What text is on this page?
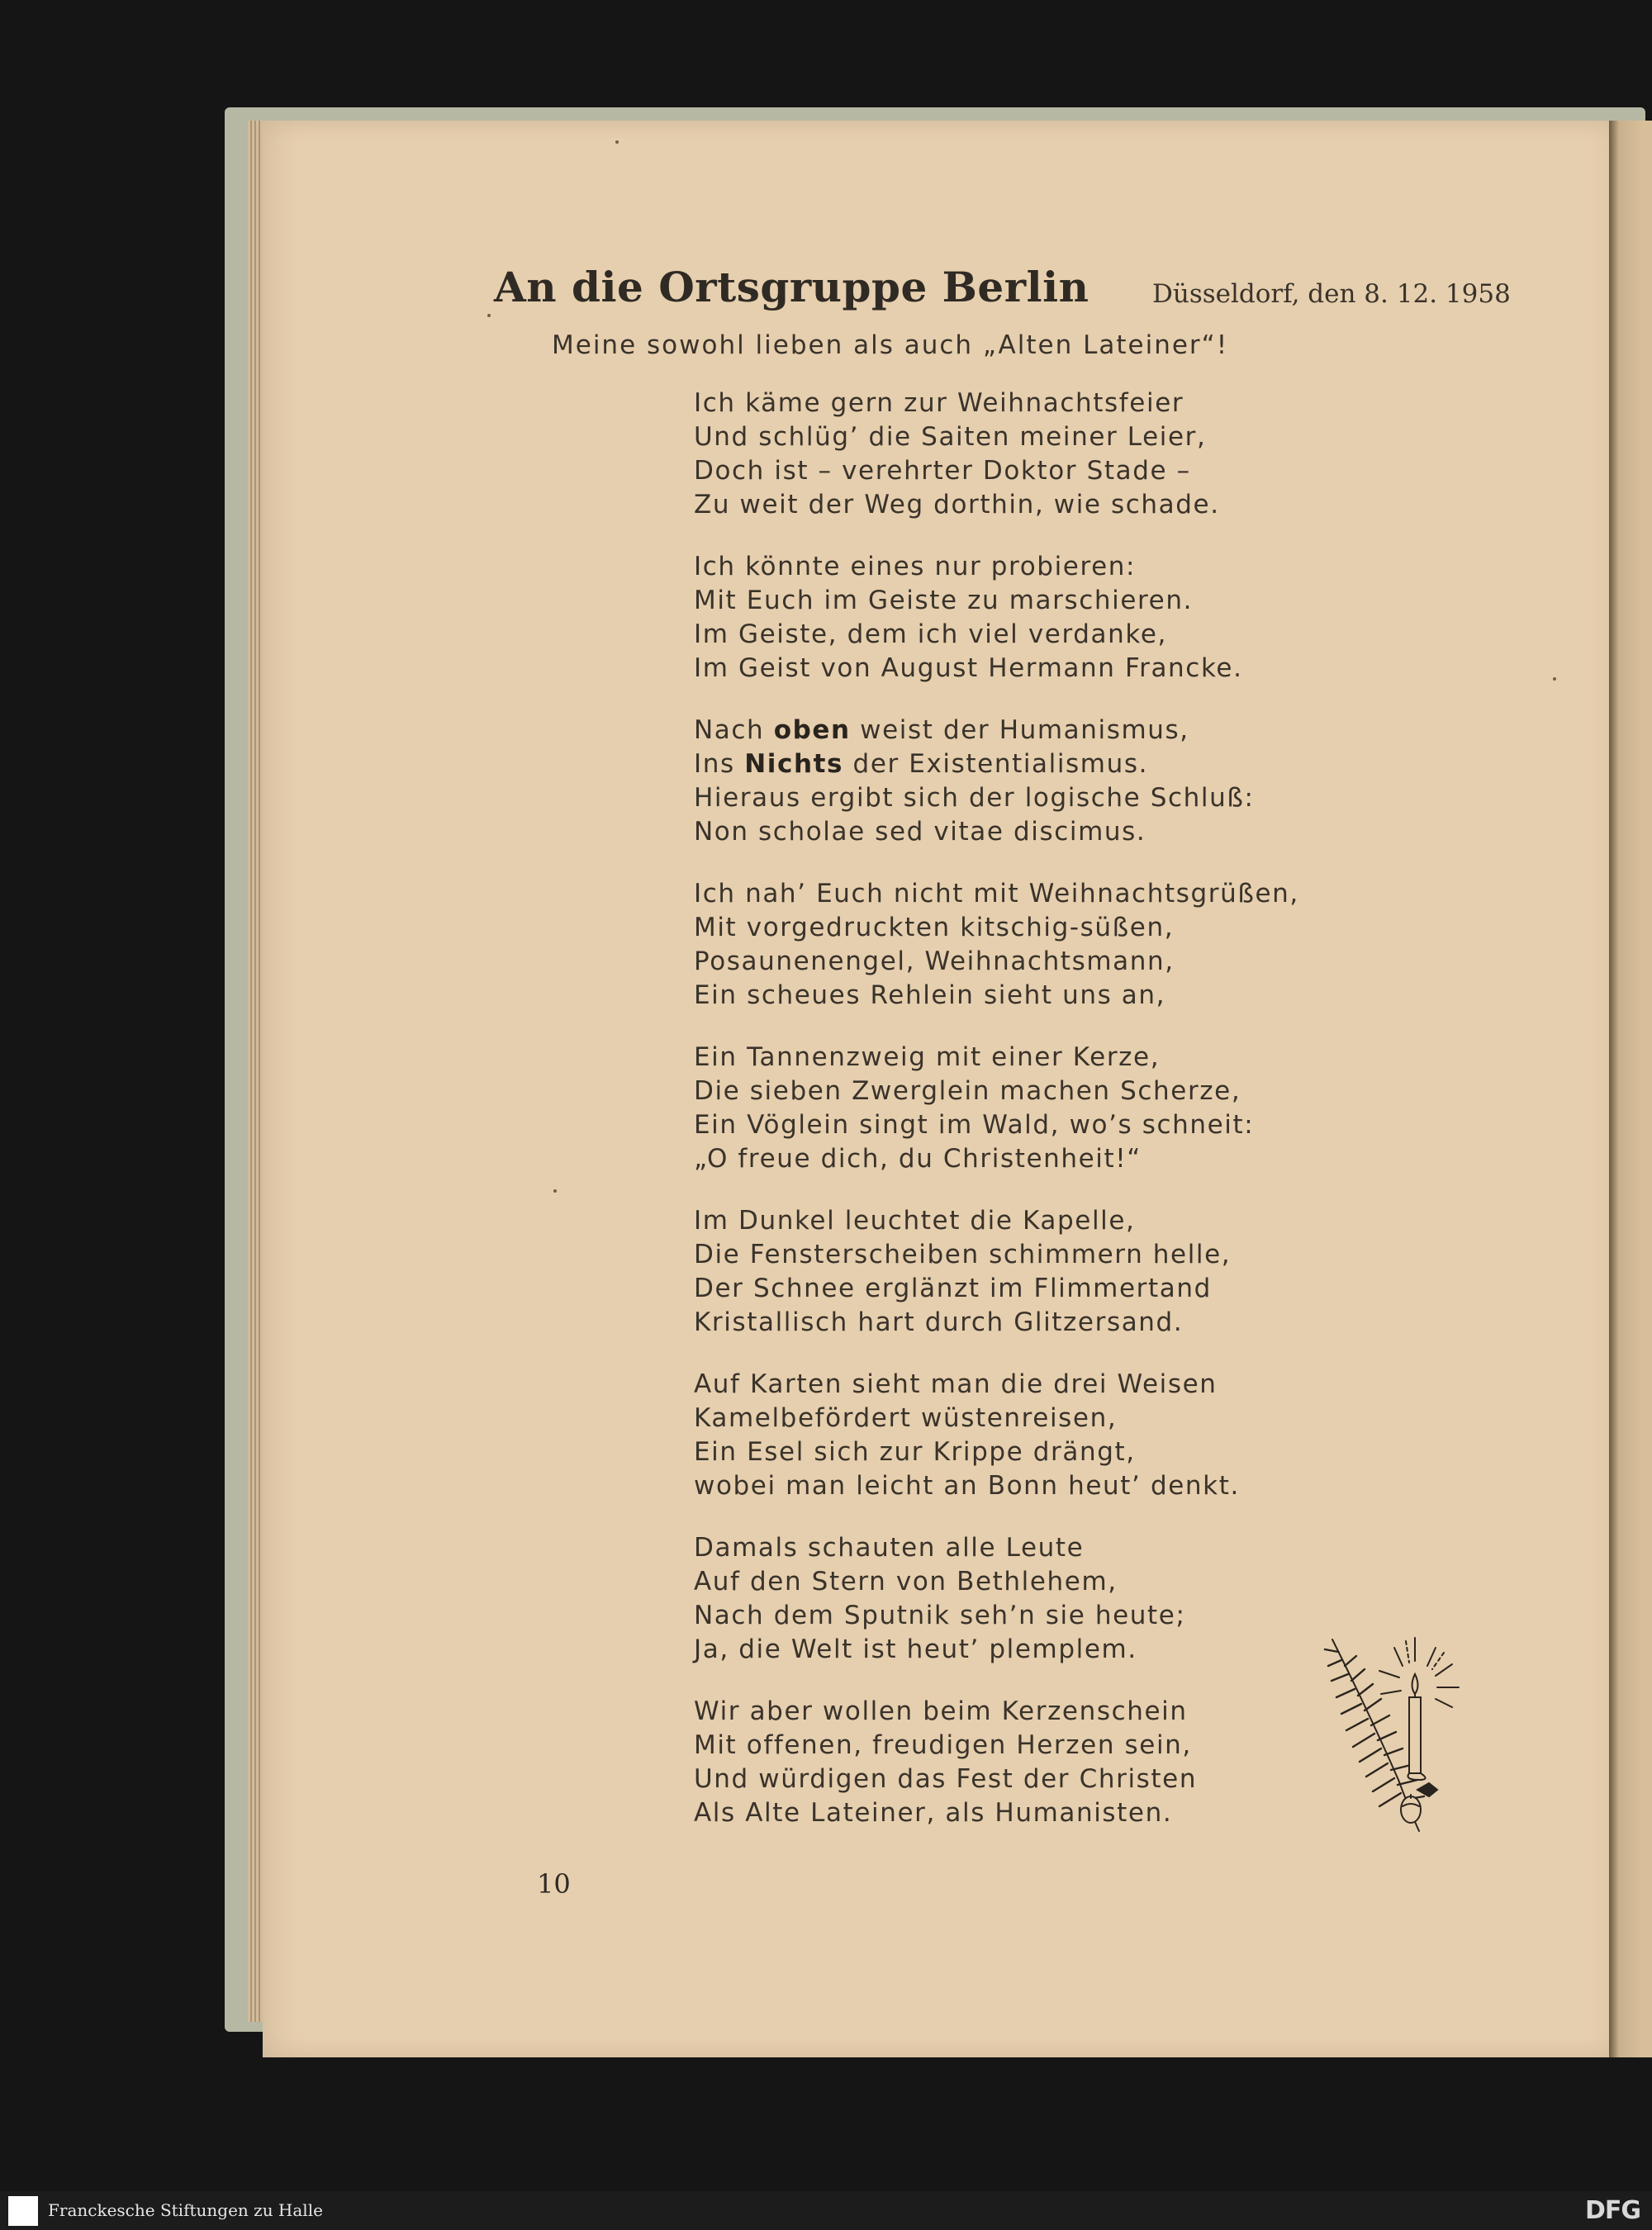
An die Ortsgruppe Berlin Düsseldorf, den 8. 12. 1958
Meine sowohl lieben als auch „Alten Lateiner“!
Ich käme gern zur Weihnachtsfeier
Und schlüg’ die Saiten meiner Leier,
Doch ist – verehrter Doktor Stade –
Zu weit der Weg dorthin, wie schade.
Ich könnte eines nur probieren:
Mit Euch im Geiste zu marschieren.
Im Geiste, dem ich viel verdanke,
Im Geist von August Hermann Francke.
Nach oben weist der Humanismus,
Ins Nichts der Existentialismus.
Hieraus ergibt sich der logische Schluß:
Non scholae sed vitae discimus.
Ich nah’ Euch nicht mit Weihnachtsgrüßen,
Mit vorgedruckten kitschig-süßen,
Posaunenengel, Weihnachtsmann,
Ein scheues Rehlein sieht uns an,
Ein Tannenzweig mit einer Kerze,
Die sieben Zwerglein machen Scherze,
Ein Vöglein singt im Wald, wo’s schneit:
„O freue dich, du Christenheit!“
Im Dunkel leuchtet die Kapelle,
Die Fensterscheiben schimmern helle,
Der Schnee erglänzt im Flimmertand
Kristallisch hart durch Glitzersand.
Auf Karten sieht man die drei Weisen
Kamelbefördert wüstenreisen,
Ein Esel sich zur Krippe drängt,
wobei man leicht an Bonn heut’ denkt.
Damals schauten alle Leute
Auf den Stern von Bethlehem,
Nach dem Sputnik seh’n sie heute;
Ja, die Welt ist heut’ plemplem.
Wir aber wollen beim Kerzenschein
Mit offenen, freudigen Herzen sein,
Und würdigen das Fest der Christen
Als Alte Lateiner, als Humanisten.
10
Franckesche Stiftungen zu Halle	DFG
